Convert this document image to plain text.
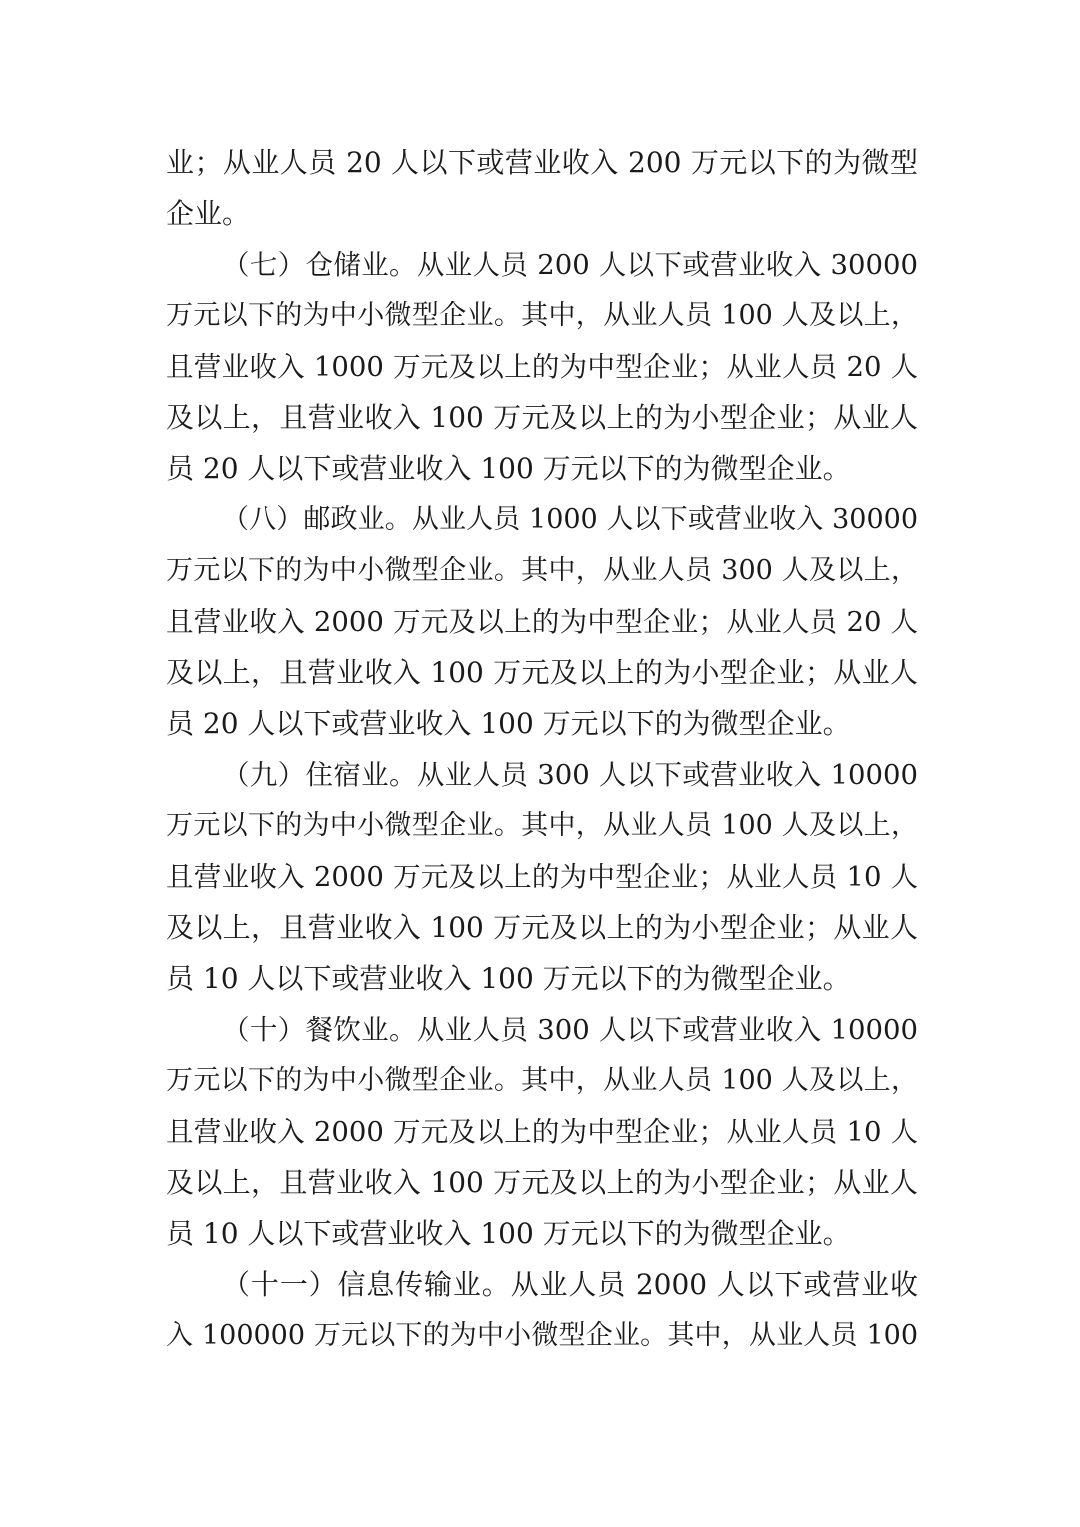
业；从业人员 20 人以下或营业收入 200 万元以下的为微型
企业。
（七）仓储业。从业人员 200 人以下或营业收入 30000
万元以下的为中小微型企业。其中，从业人员 100 人及以上，
且营业收入 1000 万元及以上的为中型企业；从业人员 20 人
及以上，且营业收入 100 万元及以上的为小型企业；从业人
员 20 人以下或营业收入 100 万元以下的为微型企业。
（八）邮政业。从业人员 1000 人以下或营业收入 30000
万元以下的为中小微型企业。其中，从业人员 300 人及以上，
且营业收入 2000 万元及以上的为中型企业；从业人员 20 人
及以上，且营业收入 100 万元及以上的为小型企业；从业人
员 20 人以下或营业收入 100 万元以下的为微型企业。
（九）住宿业。从业人员 300 人以下或营业收入 10000
万元以下的为中小微型企业。其中，从业人员 100 人及以上，
且营业收入 2000 万元及以上的为中型企业；从业人员 10 人
及以上，且营业收入 100 万元及以上的为小型企业；从业人
员 10 人以下或营业收入 100 万元以下的为微型企业。
（十）餐饮业。从业人员 300 人以下或营业收入 10000
万元以下的为中小微型企业。其中，从业人员 100 人及以上，
且营业收入 2000 万元及以上的为中型企业；从业人员 10 人
及以上，且营业收入 100 万元及以上的为小型企业；从业人
员 10 人以下或营业收入 100 万元以下的为微型企业。
（十一）信息传输业。从业人员 2000 人以下或营业收
入 100000 万元以下的为中小微型企业。其中，从业人员 100
